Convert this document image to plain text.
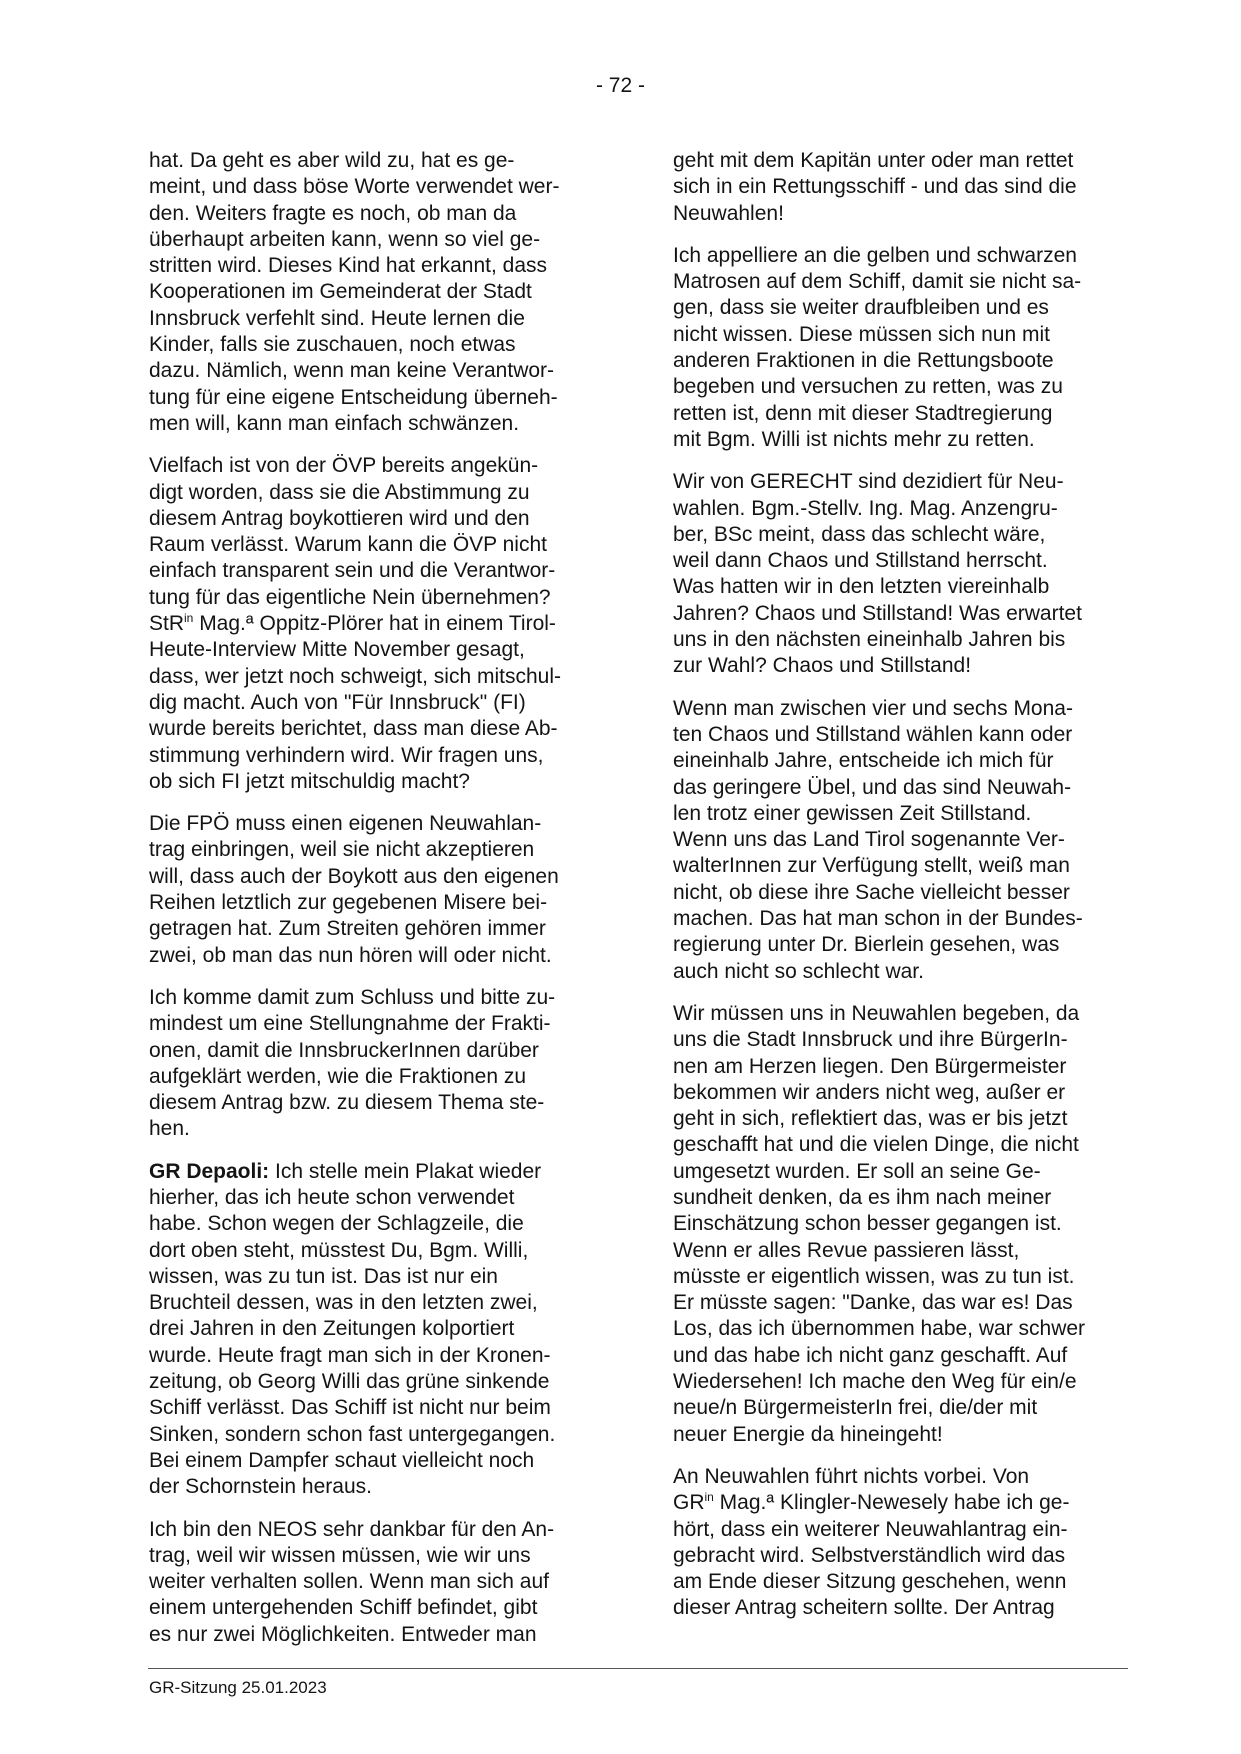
- 72 -
hat. Da geht es aber wild zu, hat es ge-
meint, und dass böse Worte verwendet wer-
den. Weiters fragte es noch, ob man da
überhaupt arbeiten kann, wenn so viel ge-
stritten wird. Dieses Kind hat erkannt, dass
Kooperationen im Gemeinderat der Stadt
Innsbruck verfehlt sind. Heute lernen die
Kinder, falls sie zuschauen, noch etwas
dazu. Nämlich, wenn man keine Verantwor-
tung für eine eigene Entscheidung überneh-
men will, kann man einfach schwänzen.
Vielfach ist von der ÖVP bereits angekün-
digt worden, dass sie die Abstimmung zu
diesem Antrag boykottieren wird und den
Raum verlässt. Warum kann die ÖVP nicht
einfach transparent sein und die Verantwor-
tung für das eigentliche Nein übernehmen?
StR$^{in}$ Mag.ª Oppitz-Plörer hat in einem Tirol-
Heute-Interview Mitte November gesagt,
dass, wer jetzt noch schweigt, sich mitschul-
dig macht. Auch von "Für Innsbruck" (FI)
wurde bereits berichtet, dass man diese Ab-
stimmung verhindern wird. Wir fragen uns,
ob sich FI jetzt mitschuldig macht?
Die FPÖ muss einen eigenen Neuwahlan-
trag einbringen, weil sie nicht akzeptieren
will, dass auch der Boykott aus den eigenen
Reihen letztlich zur gegebenen Misere bei-
getragen hat. Zum Streiten gehören immer
zwei, ob man das nun hören will oder nicht.
Ich komme damit zum Schluss und bitte zu-
mindest um eine Stellungnahme der Frakti-
onen, damit die InnsbruckerInnen darüber
aufgeklärt werden, wie die Fraktionen zu
diesem Antrag bzw. zu diesem Thema ste-
hen.
GR Depaoli: Ich stelle mein Plakat wieder
hierher, das ich heute schon verwendet
habe. Schon wegen der Schlagzeile, die
dort oben steht, müsstest Du, Bgm. Willi,
wissen, was zu tun ist. Das ist nur ein
Bruchteil dessen, was in den letzten zwei,
drei Jahren in den Zeitungen kolportiert
wurde. Heute fragt man sich in der Kronen-
zeitung, ob Georg Willi das grüne sinkende
Schiff verlässt. Das Schiff ist nicht nur beim
Sinken, sondern schon fast untergegangen.
Bei einem Dampfer schaut vielleicht noch
der Schornstein heraus.
Ich bin den NEOS sehr dankbar für den An-
trag, weil wir wissen müssen, wie wir uns
weiter verhalten sollen. Wenn man sich auf
einem untergehenden Schiff befindet, gibt
es nur zwei Möglichkeiten. Entweder man
geht mit dem Kapitän unter oder man rettet
sich in ein Rettungsschiff - und das sind die
Neuwahlen!
Ich appelliere an die gelben und schwarzen
Matrosen auf dem Schiff, damit sie nicht sa-
gen, dass sie weiter draufbleiben und es
nicht wissen. Diese müssen sich nun mit
anderen Fraktionen in die Rettungsboote
begeben und versuchen zu retten, was zu
retten ist, denn mit dieser Stadtregierung
mit Bgm. Willi ist nichts mehr zu retten.
Wir von GERECHT sind dezidiert für Neu-
wahlen. Bgm.-Stellv. Ing. Mag. Anzengru-
ber, BSc meint, dass das schlecht wäre,
weil dann Chaos und Stillstand herrscht.
Was hatten wir in den letzten viereinhalb
Jahren? Chaos und Stillstand! Was erwartet
uns in den nächsten eineinhalb Jahren bis
zur Wahl? Chaos und Stillstand!
Wenn man zwischen vier und sechs Mona-
ten Chaos und Stillstand wählen kann oder
eineinhalb Jahre, entscheide ich mich für
das geringere Übel, und das sind Neuwah-
len trotz einer gewissen Zeit Stillstand.
Wenn uns das Land Tirol sogenannte Ver-
walterInnen zur Verfügung stellt, weiß man
nicht, ob diese ihre Sache vielleicht besser
machen. Das hat man schon in der Bundes-
regierung unter Dr. Bierlein gesehen, was
auch nicht so schlecht war.
Wir müssen uns in Neuwahlen begeben, da
uns die Stadt Innsbruck und ihre BürgerIn-
nen am Herzen liegen. Den Bürgermeister
bekommen wir anders nicht weg, außer er
geht in sich, reflektiert das, was er bis jetzt
geschafft hat und die vielen Dinge, die nicht
umgesetzt wurden. Er soll an seine Ge-
sundheit denken, da es ihm nach meiner
Einschätzung schon besser gegangen ist.
Wenn er alles Revue passieren lässt,
müsste er eigentlich wissen, was zu tun ist.
Er müsste sagen: "Danke, das war es! Das
Los, das ich übernommen habe, war schwer
und das habe ich nicht ganz geschafft. Auf
Wiedersehen! Ich mache den Weg für ein/e
neue/n BürgermeisterIn frei, die/der mit
neuer Energie da hineingeht!
An Neuwahlen führt nichts vorbei. Von
$GR^{in}$ Mag.ª Klingler-Newesely habe ich ge-
hört, dass ein weiterer Neuwahlantrag ein-
gebracht wird. Selbstverständlich wird das
am Ende dieser Sitzung geschehen, wenn
dieser Antrag scheitern sollte. Der Antrag
GR-Sitzung 25.01.2023
